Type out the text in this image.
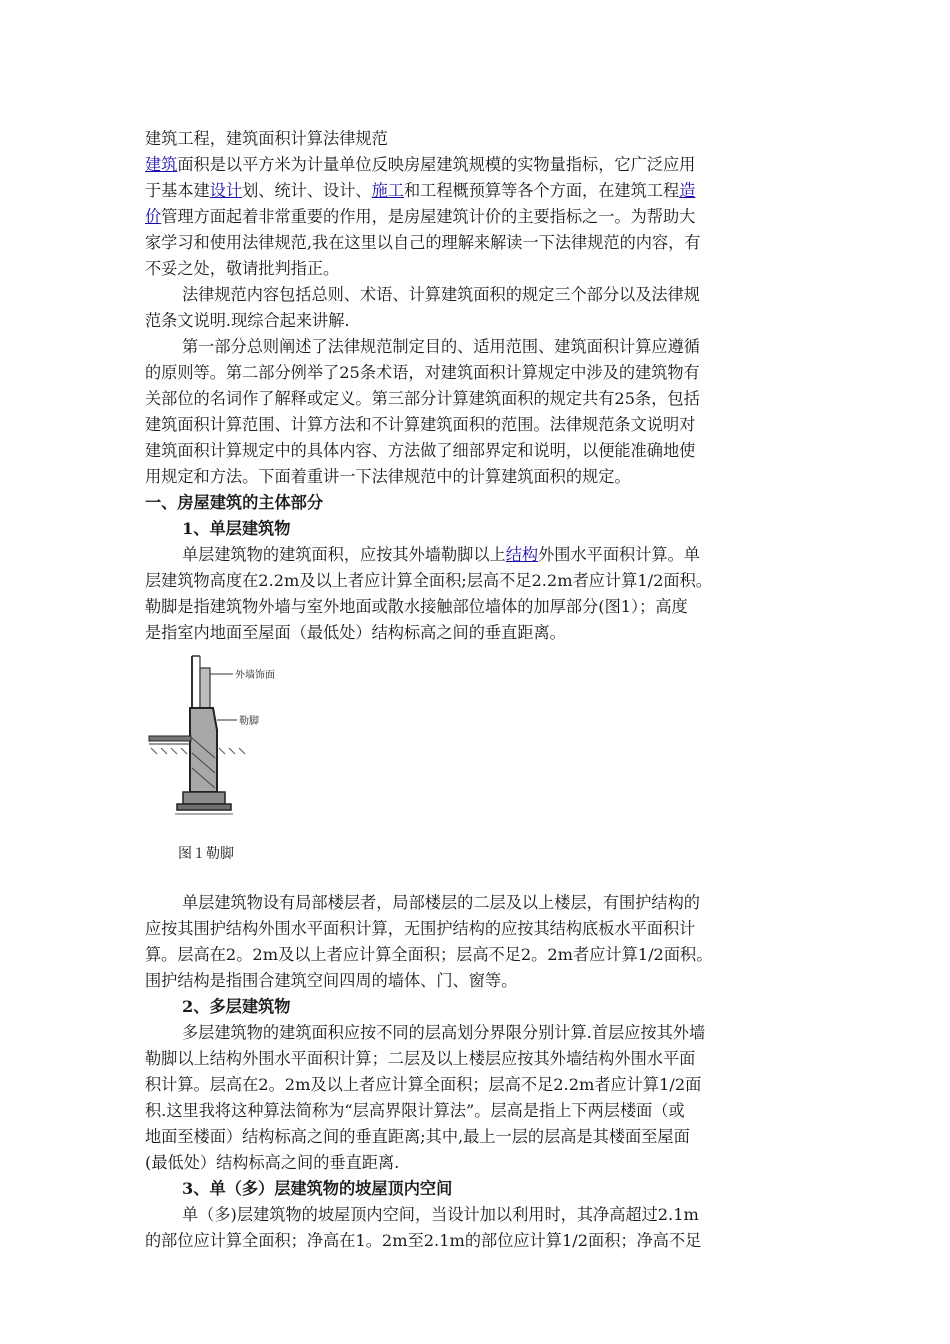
建筑工程，建筑面积计算法律规范
建筑面积是以平方米为计量单位反映房屋建筑规模的实物量指标，它广泛应用
于基本建设计划、统计、设计、施工和工程概预算等各个方面，在建筑工程造
价管理方面起着非常重要的作用，是房屋建筑计价的主要指标之一。为帮助大
家学习和使用法律规范,我在这里以自己的理解来解读一下法律规范的内容，有
不妥之处，敬请批判指正。
法律规范内容包括总则、术语、计算建筑面积的规定三个部分以及法律规
范条文说明.现综合起来讲解.
第一部分总则阐述了法律规范制定目的、适用范围、建筑面积计算应遵循
的原则等。第二部分例举了25条术语，对建筑面积计算规定中涉及的建筑物有
关部位的名词作了解释或定义。第三部分计算建筑面积的规定共有25条，包括
建筑面积计算范围、计算方法和不计算建筑面积的范围。法律规范条文说明对
建筑面积计算规定中的具体内容、方法做了细部界定和说明，以便能准确地使
用规定和方法。下面着重讲一下法律规范中的计算建筑面积的规定。
一、房屋建筑的主体部分
1、单层建筑物
单层建筑物的建筑面积，应按其外墙勒脚以上结构外围水平面积计算。单
层建筑物高度在2.2m及以上者应计算全面积;层高不足2.2m者应计算1/2面积。
勒脚是指建筑物外墙与室外地面或散水接触部位墙体的加厚部分(图1）；高度
是指室内地面至屋面（最低处）结构标高之间的垂直距离。
外墙饰面
勒脚
图１勒脚
单层建筑物设有局部楼层者，局部楼层的二层及以上楼层，有围护结构的
应按其围护结构外围水平面积计算，无围护结构的应按其结构底板水平面积计
算。层高在2。2m及以上者应计算全面积；层高不足2。2m者应计算1/2面积。
围护结构是指围合建筑空间四周的墙体、门、窗等。
2、多层建筑物
多层建筑物的建筑面积应按不同的层高划分界限分别计算.首层应按其外墙
勒脚以上结构外围水平面积计算；二层及以上楼层应按其外墙结构外围水平面
积计算。层高在2。2m及以上者应计算全面积；层高不足2.2m者应计算1/2面
积.这里我将这种算法简称为“层高界限计算法”。层高是指上下两层楼面（或
地面至楼面）结构标高之间的垂直距离;其中,最上一层的层高是其楼面至屋面
(最低处）结构标高之间的垂直距离.
3、单（多）层建筑物的坡屋顶内空间
单（多)层建筑物的坡屋顶内空间，当设计加以利用时，其净高超过2.1m
的部位应计算全面积；净高在1。2m至2.1m的部位应计算1/2面积；净高不足
